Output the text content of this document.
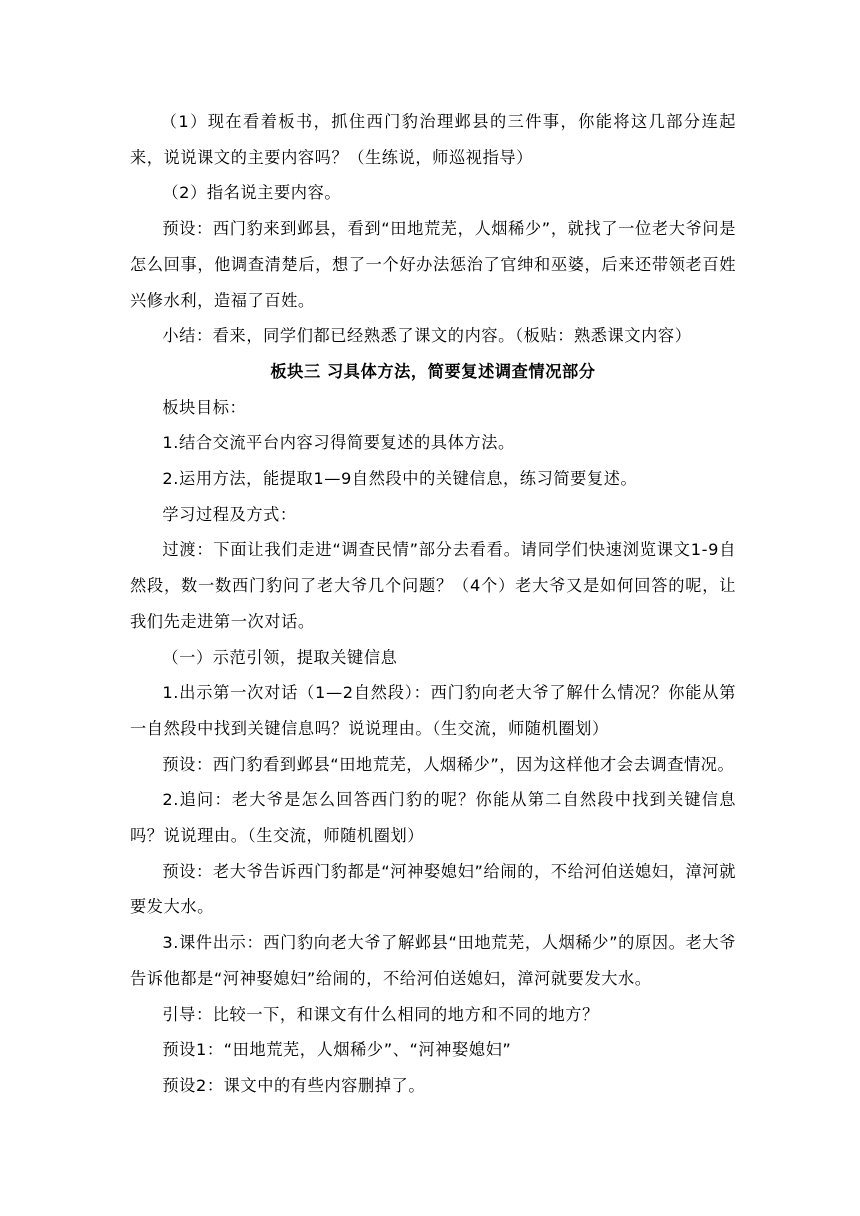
（1）现在看着板书，抓住西门豹治理邺县的三件事，你能将这几部分连起来，说说课文的主要内容吗？（生练说，师巡视指导）

（2）指名说主要内容。

预设：西门豹来到邺县，看到“田地荒芜，人烟稀少”，就找了一位老大爷问是怎么回事，他调查清楚后，想了一个好办法惩治了官绅和巫婆，后来还带领老百姓兴修水利，造福了百姓。

小结：看来，同学们都已经熟悉了课文的内容。（板贴：熟悉课文内容）

板块三 习具体方法，简要复述调查情况部分

板块目标：

1.结合交流平台内容习得简要复述的具体方法。

2.运用方法，能提取1—9自然段中的关键信息，练习简要复述。

学习过程及方式：

过渡：下面让我们走进“调查民情”部分去看看。请同学们快速浏览课文1-9自然段，数一数西门豹问了老大爷几个问题？（4个）老大爷又是如何回答的呢，让我们先走进第一次对话。

（一）示范引领，提取关键信息

1.出示第一次对话（1—2自然段）：西门豹向老大爷了解什么情况？你能从第一自然段中找到关键信息吗？说说理由。（生交流，师随机圈划）

预设：西门豹看到邺县“田地荒芜，人烟稀少”，因为这样他才会去调查情况。

2.追问：老大爷是怎么回答西门豹的呢？你能从第二自然段中找到关键信息吗？说说理由。（生交流，师随机圈划）

预设：老大爷告诉西门豹都是“河神娶媳妇”给闹的，不给河伯送媳妇，漳河就要发大水。

3.课件出示：西门豹向老大爷了解邺县“田地荒芜，人烟稀少”的原因。老大爷告诉他都是“河神娶媳妇”给闹的，不给河伯送媳妇，漳河就要发大水。

引导：比较一下，和课文有什么相同的地方和不同的地方？

预设1：“田地荒芜，人烟稀少”、“河神娶媳妇”

预设2：课文中的有些内容删掉了。
